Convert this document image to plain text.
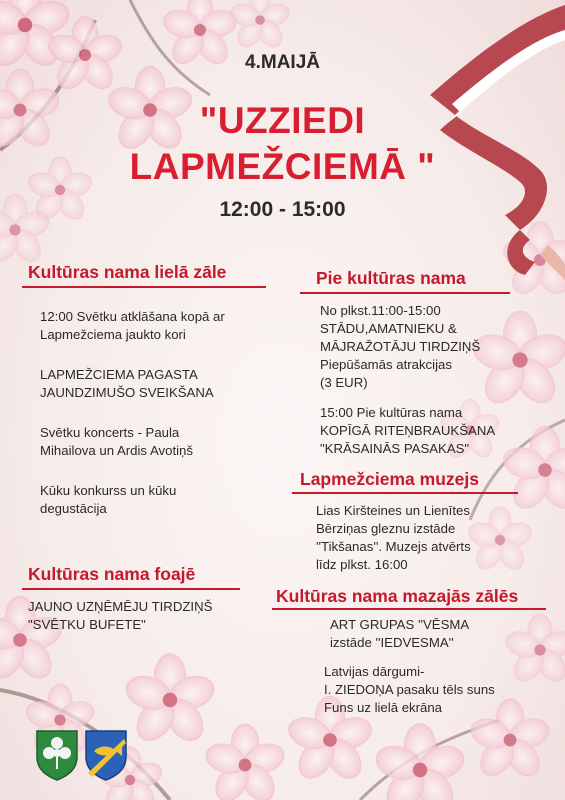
4.MAIJĀ

"UZZIEDI

LAPMEŽCIEMĀ "

12:00 - 15:00

Kultūras nama lielā zāle

12:00 Svētku atklāšana kopā ar
Lapmežciema jaukto kori
LAPMEŽCIEMA PAGASTA
JAUNDZIMUŠO SVEIKŠANA
Svētku koncerts - Paula
Mihailova un Ardis Avotiņš
Kūku konkurss un kūku
degustācija

Kultūras nama foajē

JAUNO UZŅĒMĒJU TIRDZIŅŠ
"SVĒTKU BUFETE"

Pie kultūras nama

No plkst.11:00-15:00
STĀDU,AMATNIEKU &
MĀJRAŽOTĀJU TIRDZIŅŠ
Piepūšamās atrakcijas
(3 EUR)
15:00 Pie kultūras nama
KOPĪGĀ RITEŅBRAUKŠANA
"KRĀSAINĀS PASAKAS"

Lapmežciema muzejs

Lias Kiršteines un Lienītes
Bērziņas gleznu izstāde
''Tikšanas''. Muzejs atvērts
līdz plkst. 16:00

Kultūras nama mazajās zālēs

ART GRUPAS ''VĒSMA
izstāde ''IEDVESMA''
Latvijas dārgumi-
I. ZIEDOŅA pasaku tēls suns
Funs uz lielā ekrāna
